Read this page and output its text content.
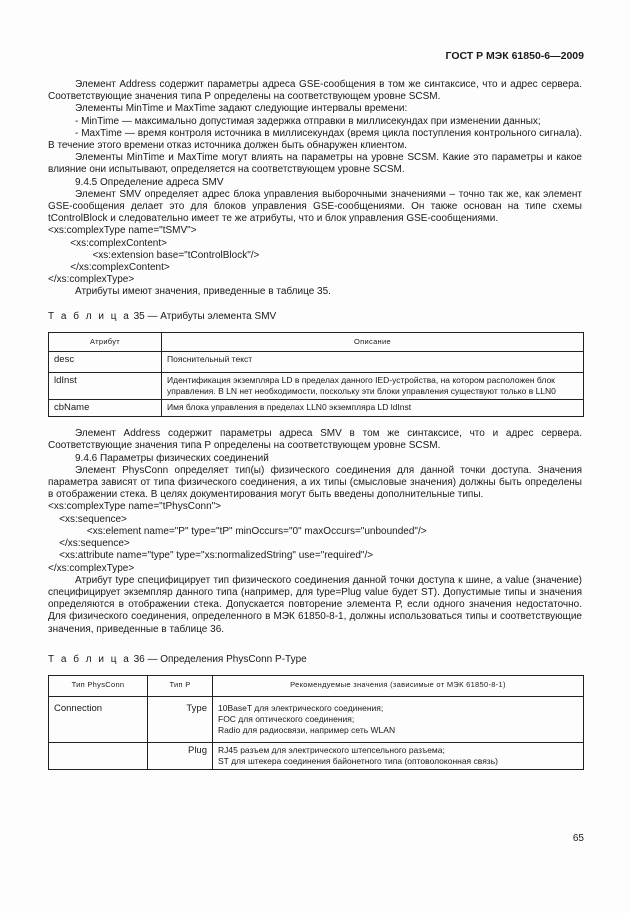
ГОСТ Р МЭК 61850-6—2009

Элемент Address содержит параметры адреса GSE-сообщения в том же синтаксисе, что и адрес сервера. Соответствующие значения типа Р определены на соответствующем уровне SCSM.

Элементы MinTime и MaxTime задают следующие интервалы времени:

- MinTime — максимально допустимая задержка отправки в миллисекундах при изменении данных;

- MaxTime — время контроля источника в миллисекундах (время цикла поступления контрольного сигнала). В течение этого времени отказ источника должен быть обнаружен клиентом.

Элементы MinTime и MaxTime могут влиять на параметры на уровне SCSM. Какие это параметры и какое влияние они испытывают, определяется на соответствующем уровне SCSM.

9.4.5 Определение адреса SMV

Элемент SMV определяет адрес блока управления выборочными значениями – точно так же, как элемент GSE-сообщения делает это для блоков управления GSE-сообщениями. Он также основан на типе схемы tControlBlock и следовательно имеет те же атрибуты, что и блок управления GSE-сообщениями.

<xs:complexType name="tSMV">
<xs:complexContent>
<xs:extension base="tControlBlock"/>
</xs:complexContent>
</xs:complexType>

Атрибуты имеют значения, приведенные в таблице 35.

Т а б л и ц а 35 — Атрибуты элемента SMV
Атрибут	Описание
desc	Пояснительный текст
ldInst	Идентификация экземпляра LD в пределах данного IED-устройства, на котором расположен блок управления. В LN нет необходимости, поскольку эти блоки управления существуют только в LLN0
cbName	Имя блока управления в пределах LLN0 экземпляра LD ldInst

Элемент Address содержит параметры адреса SMV в том же синтаксисе, что и адрес сервера. Соответствующие значения типа Р определены на соответствующем уровне SCSM.

9.4.6 Параметры физических соединений

Элемент PhysConn определяет тип(ы) физического соединения для данной точки доступа. Значения параметра зависят от типа физического соединения, а их типы (смысловые значения) должны быть определены в отображении стека. В целях документирования могут быть введены дополнительные типы.

<xs:complexType name="tPhysConn">
<xs:sequence>
<xs:element name="P" type="tP" minOccurs="0" maxOccurs="unbounded"/>
</xs:sequence>
<xs:attribute name="type" type="xs:normalizedString" use="required"/>
</xs:complexType>

Атрибут type специфицирует тип физического соединения данной точки доступа к шине, a value (значение) специфицирует экземпляр данного типа (например, для type=Plug value будет ST). Допустимые типы и значения определяются в отображении стека. Допускается повторение элемента Р, если одного значения недостаточно. Для физического соединения, определенного в МЭК 61850-8-1, должны использоваться типы и соответствующие значения, приведенные в таблице 36.

Т а б л и ц а 36 — Определения PhysConn P-Type
Тип PhysConn	Тип Р	Рекомендуемые значения (зависимые от МЭК 61850-8-1)
Connection	Type	10BaseT для электрического соединения;
FOC для оптического соединения;
Radio для радиосвязи, например сеть WLAN

	Plug	RJ45 разъем для электрического штепсельного разъема;
ST для штекера соединения байонетного типа (оптоволоконная связь)
65
